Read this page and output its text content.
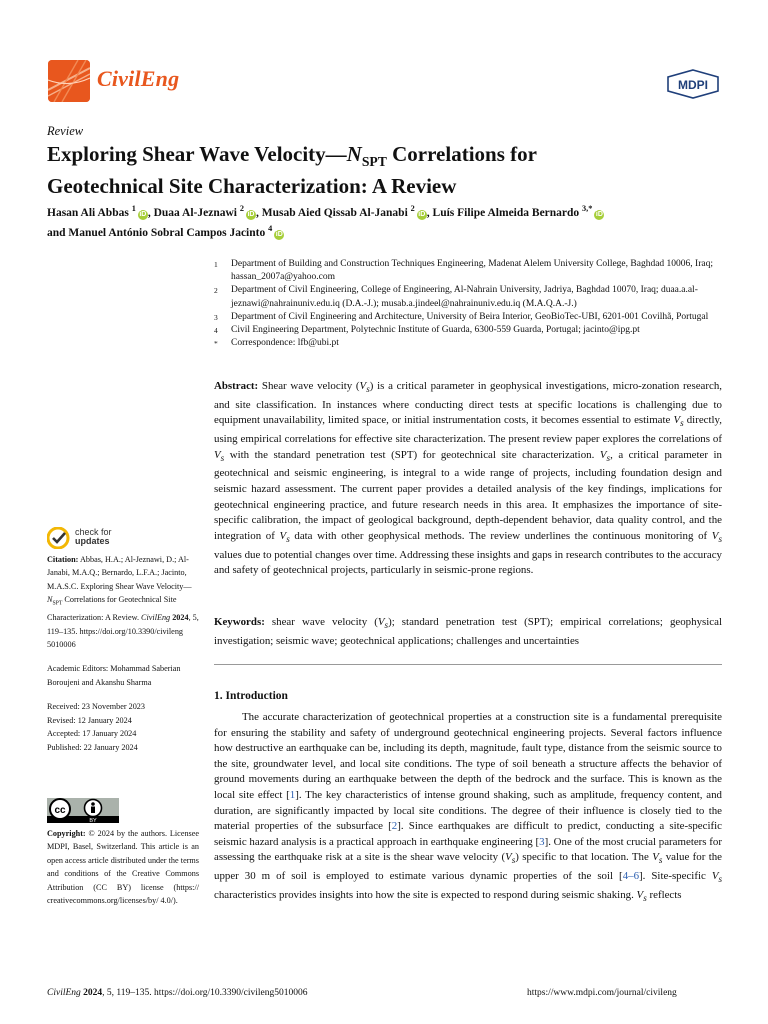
CivilEng	MDPI
Review
Exploring Shear Wave $Velocity—N_{SPT}$ Correlations for
Geotechnical Site Characterization: A Review
Hasan Ali Abbas $^1$iD , Duaa Al-Jeznawi $^2$iD , Musab Aied Qissab Al-Janabi $^2$iD , Luís Filipe Almeida Bernardo $^{3,*}$iD
and Manuel António Sobral Campos Jacinto $^4$iD
1	Department of Building and Construction Techniques Engineering, Madenat Alelem University College, Baghdad 10006, Iraq; hassan_2007a@yahoo.com
2	Department of Civil Engineering, College of Engineering, Al-Nahrain University, Jadriya, Baghdad 10070, Iraq; duaa.a.al-jeznawi@nahrainuniv.edu.iq (D.A.-J.); musab.a.jindeel@nahrainuniv.edu.iq (M.A.Q.A.-J.)
3	Department of Civil Engineering and Architecture, University of Beira Interior, GeoBioTec-UBI, 6201-001 Covilhã, Portugal
4	Civil Engineering Department, Polytechnic Institute of Guarda, 6300-559 Guarda, Portugal; jacinto@ipg.pt
*	Correspondence: lfb@ubi.pt
Abstract: Shear wave velocity $(V_s)$ is a critical parameter in geophysical investigations, micro-zonation research, and site classification. In instances where conducting direct tests at specific locations is challenging due to equipment unavailability, limited space, or initial instrumentation costs, it becomes essential to estimate $V_s$ directly, using empirical correlations for effective site characterization. The present review paper explores the correlations of $V_s$ with the standard penetration test (SPT) for geotechnical site characterization. $V_s$, a critical parameter in geotechnical and seismic engineering, is integral to a wide range of projects, including foundation design and seismic hazard assessment. The current paper provides a detailed analysis of the key findings, implications for geotechnical engineering practice, and future research needs in this area. It emphasizes the importance of site-specific calibration, the impact of geological background, depth-dependent behavior, data quality control, and the integration of $V_s$ data with other geophysical methods. The review underlines the continuous monitoring of $V_s$ values due to potential changes over time. Addressing these insights and gaps in research contributes to the accuracy and safety of geotechnical projects, particularly in seismic-prone regions.
Keywords: shear wave velocity $(V_s)$; standard penetration test (SPT); empirical correlations; geophysical investigation; seismic wave; geotechnical applications; challenges and uncertainties
check for
updates

Citation: Abbas, H.A.; Al-Jeznawi, D.; Al-Janabi, M.A.Q.; Bernardo, L.F.A.; Jacinto, M.A.S.C. Exploring Shear Wave $Velocity—N_{SPT}$ Correlations for Geotechnical Site Characterization: A Review. CivilEng 2024, 5, 119–135. https://doi.org/10.3390/civileng 5010006

Academic Editors: Mohammad Saberian Boroujeni and Akanshu Sharma

Received: 23 November 2023
Revised: 12 January 2024
Accepted: 17 January 2024
Published: 22 January 2024

cc
BY
Copyright: © 2024 by the authors. Licensee MDPI, Basel, Switzerland. This article is an open access article distributed under the terms and conditions of the Creative Commons Attribution (CC BY) license (https:// creativecommons.org/licenses/by/ 4.0/).
1. Introduction

The accurate characterization of geotechnical properties at a construction site is a fundamental prerequisite for ensuring the stability and safety of underground geotechnical engineering projects. Several factors influence how destructive an earthquake can be, including its depth, magnitude, fault type, distance from the seismic source to the site, groundwater level, and local site conditions. The type of soil beneath a structure affects the behavior of ground movements during an earthquake between the depth of the bedrock and the surface. This is known as the local site effect [1]. The key characteristics of intense ground shaking, such as amplitude, frequency content, and duration, are significantly impacted by local site conditions. The degree of their influence is closely tied to the material properties of the subsurface [2]. Since earthquakes are difficult to predict, conducting a site-specific seismic hazard analysis is a practical approach in earthquake engineering [3]. One of the most crucial parameters for assessing the earthquake risk at a site is the shear wave velocity $(V_s)$ specific to that location. The $V_s$ value for the upper 30 m of soil is employed to estimate various dynamic properties of the soil [4–6]. Site-specific $V_s$ characteristics provides insights into how the site is expected to respond during seismic shaking. $V_s$ reflects

CivilEng 2024, 5, 119–135. https://doi.org/10.3390/civileng5010006	https://www.mdpi.com/journal/civileng
